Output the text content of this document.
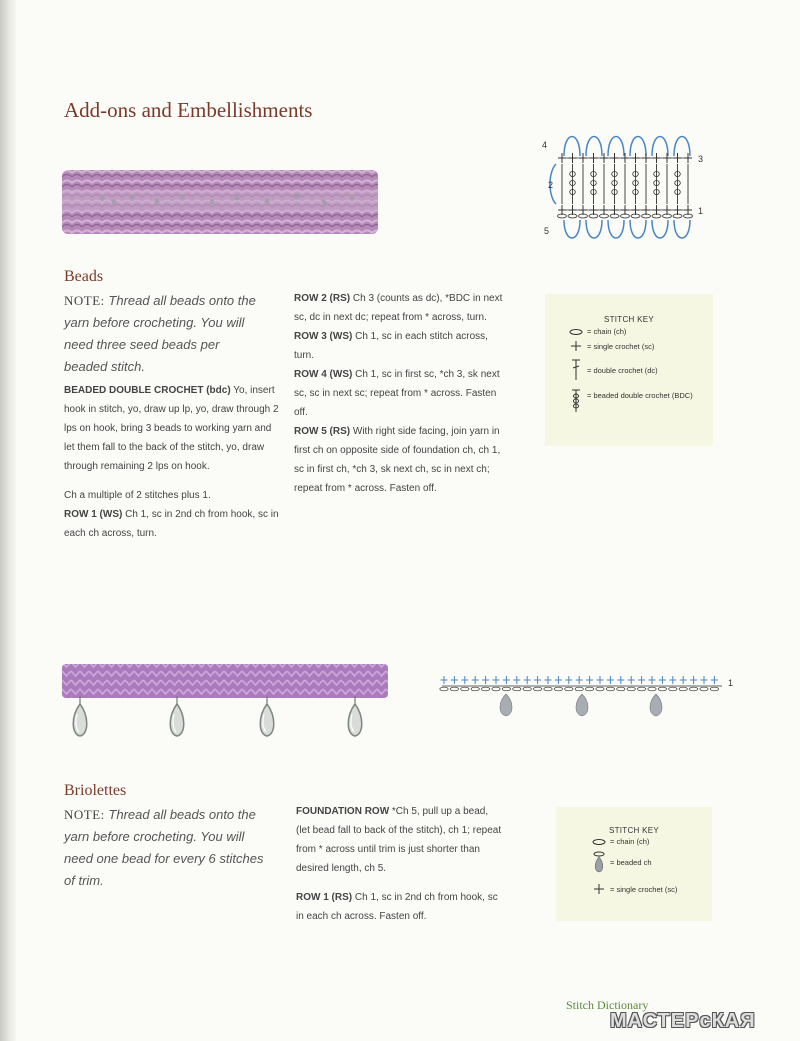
Add-ons and Embellishments
4
3
2
1
5
Beads
NOTE: Thread all beads onto the yarn before crocheting. You will need three seed beads per beaded stitch.

BEADED DOUBLE CROCHET (bdc) Yo, insert hook in stitch, yo, draw up lp, yo, draw through 2 lps on hook, bring 3 beads to working yarn and let them fall to the back of the stitch, yo, draw through remaining 2 lps on hook.

Ch a multiple of 2 stitches plus 1.

ROW 1 (WS) Ch 1, sc in 2nd ch from hook, sc in each ch across, turn.

ROW 2 (RS) Ch 3 (counts as dc), *BDC in next sc, dc in next dc; repeat from * across, turn.

ROW 3 (WS) Ch 1, sc in each stitch across, turn.

ROW 4 (WS) Ch 1, sc in first sc, *ch 3, sk next sc, sc in next sc; repeat from * across. Fasten off.

ROW 5 (RS) With right side facing, join yarn in first ch on opposite side of foundation ch, ch 1, sc in first ch, *ch 3, sk next ch, sc in next ch; repeat from * across. Fasten off.

STITCH KEY
= chain (ch)
= single crochet (sc)
= double crochet (dc)
= beaded double crochet (BDC)
1
Briolettes
NOTE: Thread all beads onto the yarn before crocheting. You will need one bead for every 6 stitches of trim.

FOUNDATION ROW *Ch 5, pull up a bead, (let bead fall to back of the stitch), ch 1; repeat from * across until trim is just shorter than desired length, ch 5.

ROW 1 (RS) Ch 1, sc in 2nd ch from hook, sc in each ch across. Fasten off.

STITCH KEY
= chain (ch)
= beaded ch
= single crochet (sc)
Stitch Dictionary
МАСТЕРсКАЯ
